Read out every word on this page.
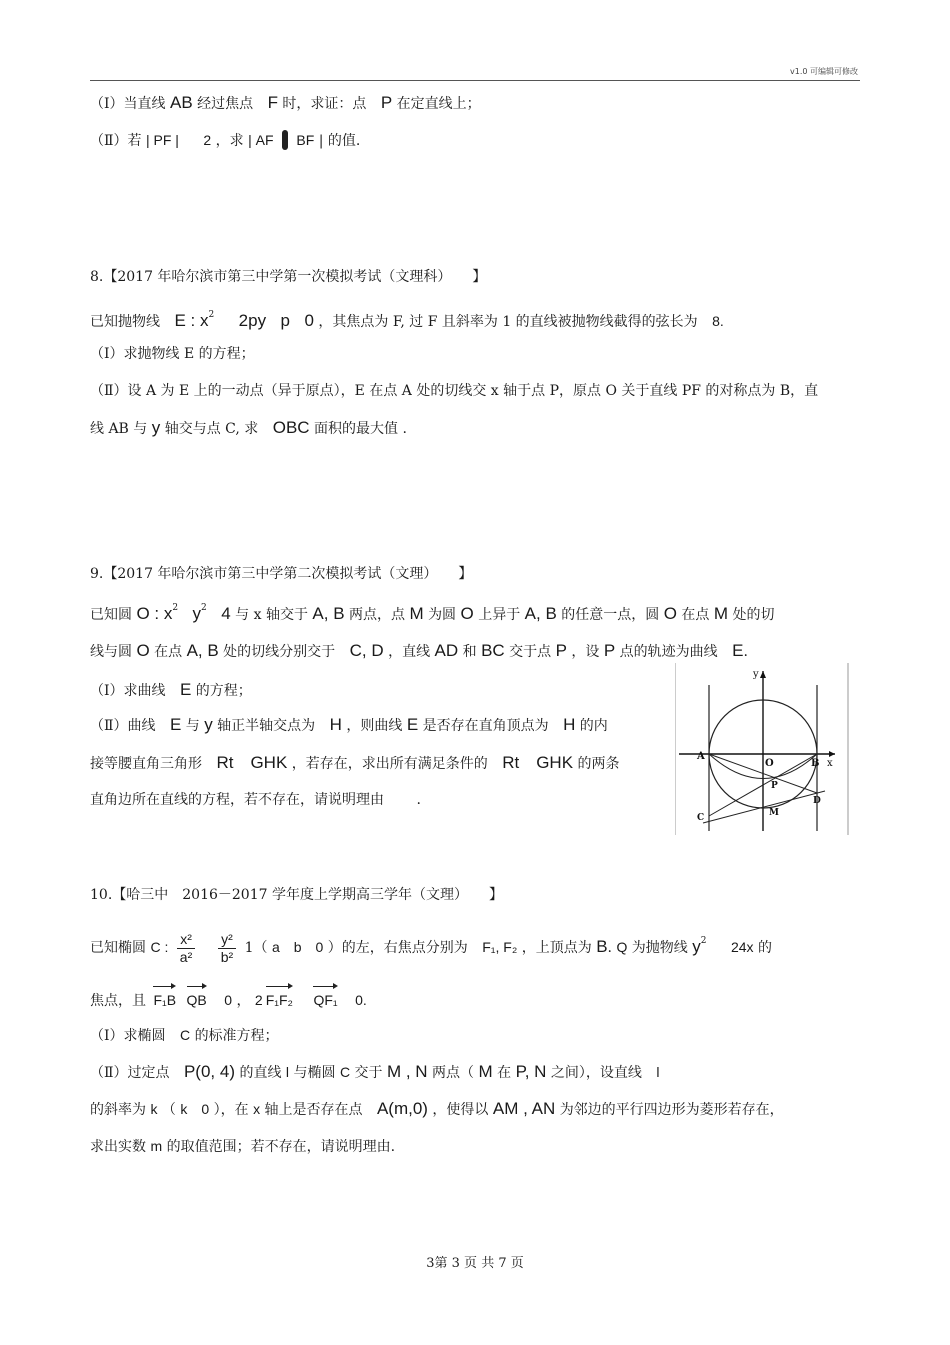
v1.0 可编辑可修改
（Ⅰ）当直线 AB 经过焦点 F 时，求证：点 P 在定直线上；
（Ⅱ）若 | PF | 2 ，求 | AF BF | 的值.
8.【2017 年哈尔滨市第三中学第一次模拟考试（文理科）　　】
已知抛物线 E : $x^2$ 2py p 0 ，其焦点为 F, 过 F 且斜率为 1 的直线被抛物线截得的弦长为 8.
（Ⅰ）求抛物线 E 的方程；
（Ⅱ）设 A 为 E 上的一动点（异于原点），E 在点 A 处的切线交 x 轴于点 P，原点 O 关于直线 PF 的对称点为 B，直
线 AB 与 y 轴交与点 C, 求 OBC 面积的最大值 .
9.【2017 年哈尔滨市第三中学第二次模拟考试（文理）　　】
已知圆 O : $x^2$ $y^2$ 4 与 x 轴交于 A, B 两点，点 M 为圆 O 上异于 A, B 的任意一点，圆 O 在点 M 处的切
线与圆 O 在点 A, B 处的切线分别交于 C, D ，直线 AD 和 BC 交于点 P ，设 P 点的轨迹为曲线 E.
（Ⅰ）求曲线 E 的方程；
（Ⅱ）曲线 E 与 y 轴正半轴交点为 H ，则曲线 E 是否存在直角顶点为 H 的内
接等腰直角三角形 Rt　GHK ，若存在，求出所有满足条件的 Rt　GHK 的两条
直角边所在直线的方程，若不存在，请说明理由 　　.
y
A
O	B x
P
C	M
D
10.【哈三中　2016－2017 学年度上学期高三学年（文理）　　】
已知椭圆 C : $\frac{\text{x²}}{\text{a²}}$
$\frac{\text{y²}}{\text{b²}} 1$（ a　b　0 ）的左，右焦点分别为 F₁, F₂ ，上顶点为 B. Q 为抛物线 $y^2$ 24x 的
焦点，且 F₁B QB 0 ， 2 F₁F₂ QF₁ 0.
（Ⅰ）求椭圆 C 的标准方程；
（Ⅱ）过定点 P(0, 4) 的直线 l 与椭圆 C 交于 M , N 两点（ M 在 P, N 之间），设直线 l
的斜率为 k （ k　0 ），在 x 轴上是否存在点 A(m,0) ，使得以 AM , AN 为邻边的平行四边形为菱形若存在，
求出实数 m 的取值范围；若不存在，请说明理由.
3第 3 页 共 7 页
